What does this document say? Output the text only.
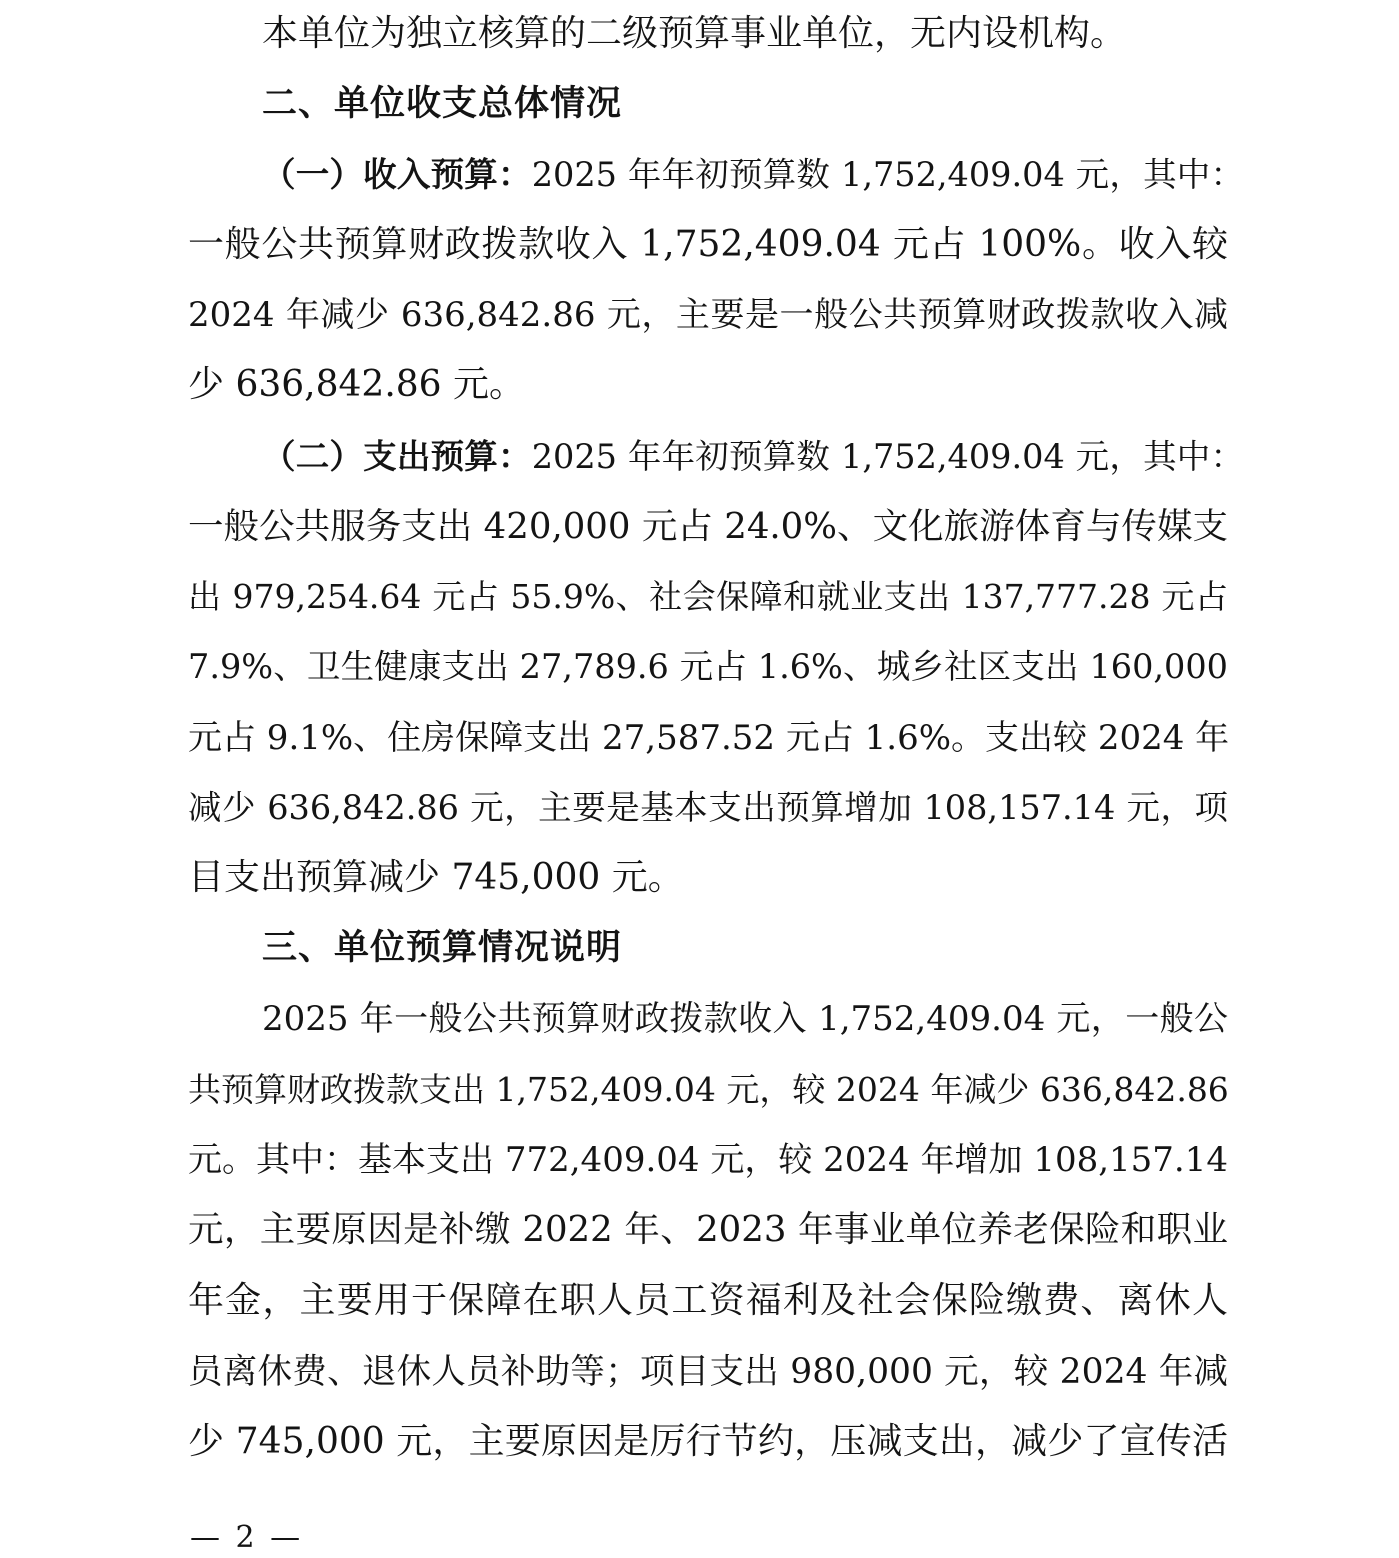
本单位为独立核算的二级预算事业单位，无内设机构。
二、单位收支总体情况
（一）收入预算：2025 年年初预算数 1,752,409.04 元，其中：
一般公共预算财政拨款收入 1,752,409.04 元占 100%。收入较
2024 年减少 636,842.86 元，主要是一般公共预算财政拨款收入减
少 636,842.86 元。
（二）支出预算：2025 年年初预算数 1,752,409.04 元，其中：
一般公共服务支出 420,000 元占 24.0%、文化旅游体育与传媒支
出 979,254.64 元占 55.9%、社会保障和就业支出 137,777.28 元占
7.9%、卫生健康支出 27,789.6 元占 1.6%、城乡社区支出 160,000
元占 9.1%、住房保障支出 27,587.52 元占 1.6%。支出较 2024 年
减少 636,842.86 元，主要是基本支出预算增加 108,157.14 元，项
目支出预算减少 745,000 元。
三、单位预算情况说明
2025 年一般公共预算财政拨款收入 1,752,409.04 元，一般公
共预算财政拨款支出 1,752,409.04 元，较 2024 年减少 636,842.86
元。其中：基本支出 772,409.04 元，较 2024 年增加 108,157.14
元，主要原因是补缴 2022 年、2023 年事业单位养老保险和职业
年金，主要用于保障在职人员工资福利及社会保险缴费、离休人
员离休费、退休人员补助等；项目支出 980,000 元，较 2024 年减
少 745,000 元，主要原因是厉行节约，压减支出，减少了宣传活
— 2 —
